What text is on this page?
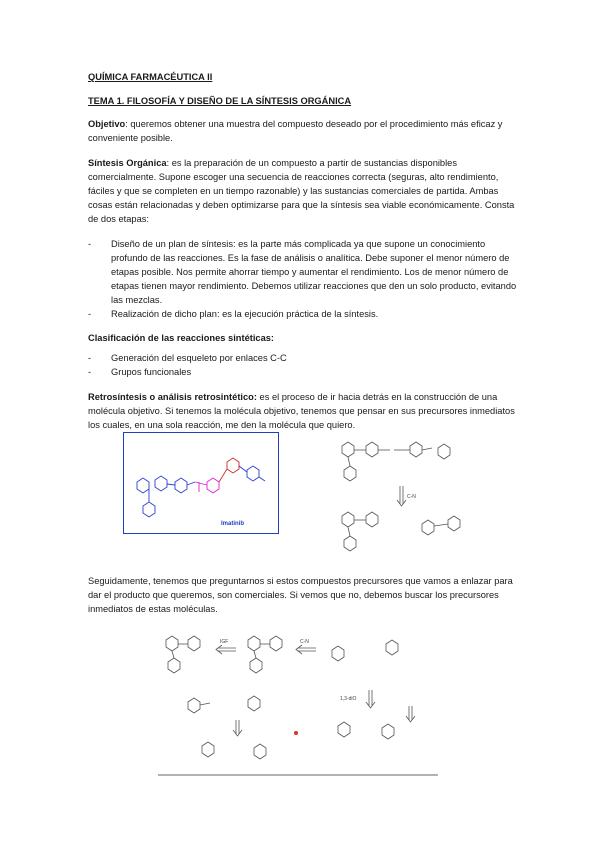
QUÍMICA FARMACÉUTICA II

TEMA 1. FILOSOFÍA Y DISEÑO DE LA SÍNTESIS ORGÁNICA

Objetivo: queremos obtener una muestra del compuesto deseado por el procedimiento más eficaz y conveniente posible.

Síntesis Orgánica: es la preparación de un compuesto a partir de sustancias disponibles comercialmente. Supone escoger una secuencia de reacciones correcta (seguras, alto rendimiento, fáciles y que se completen en un tiempo razonable) y las sustancias comerciales de partida. Ambas cosas están relacionadas y deben optimizarse para que la síntesis sea viable económicamente. Consta de dos etapas:

- Diseño de un plan de síntesis: es la parte más complicada ya que supone un conocimiento profundo de las reacciones. Es la fase de análisis o analítica. Debe suponer el menor número de etapas posible. Nos permite ahorrar tiempo y aumentar el rendimiento. Los de menor número de etapas tienen mayor rendimiento. Debemos utilizar reacciones que den un solo producto, evitando las mezclas.
- Realización de dicho plan: es la ejecución práctica de la síntesis.

Clasificación de las reacciones sintéticas:

- Generación del esqueleto por enlaces C-C
- Grupos funcionales

Retrosíntesis o análisis retrosintético: es el proceso de ir hacia detrás en la construcción de una molécula objetivo. Si tenemos la molécula objetivo, tenemos que pensar en sus precursores inmediatos los cuales, en una sola reacción, me den la molécula que quiero.

Imatinib
C-N

Seguidamente, tenemos que preguntarnos si estos compuestos precursores que vamos a enlazar para dar el producto que queremos, son comerciales. Si vemos que no, debemos buscar los precursores inmediatos de estas moléculas.

IGF	C-N
1,3-diO
